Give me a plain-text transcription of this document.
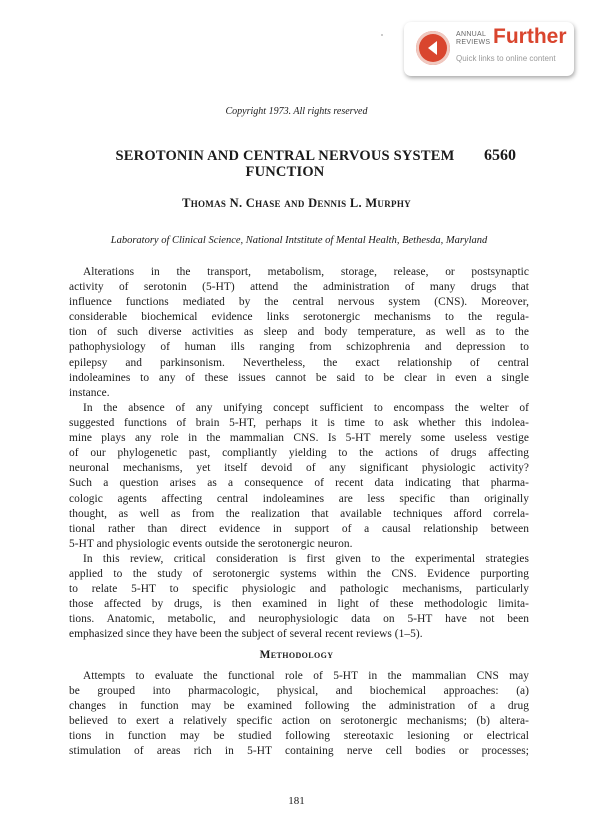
ANNUAL
REVIEWS Further
Quick links to online content
Copyright 1973. All rights reserved
SEROTONIN AND CENTRAL NERVOUS SYSTEM
FUNCTION
6560
Thomas N. Chase and Dennis L. Murphy
Laboratory of Clinical Science, National Intstitute of Mental Health, Bethesda, Maryland
Alterations in the transport, metabolism, storage, release, or postsynaptic
activity of serotonin (5-HT) attend the administration of many drugs that
influence functions mediated by the central nervous system (CNS). Moreover,
considerable biochemical evidence links serotonergic mechanisms to the regula-
tion of such diverse activities as sleep and body temperature, as well as to the
pathophysiology of human ills ranging from schizophrenia and depression to
epilepsy and parkinsonism. Nevertheless, the exact relationship of central
indoleamines to any of these issues cannot be said to be clear in even a single
instance.
In the absence of any unifying concept sufficient to encompass the welter of
suggested functions of brain 5-HT, perhaps it is time to ask whether this indolea-
mine plays any role in the mammalian CNS. Is 5-HT merely some useless vestige
of our phylogenetic past, compliantly yielding to the actions of drugs affecting
neuronal mechanisms, yet itself devoid of any significant physiologic activity?
Such a question arises as a consequence of recent data indicating that pharma-
cologic agents affecting central indoleamines are less specific than originally
thought, as well as from the realization that available techniques afford correla-
tional rather than direct evidence in support of a causal relationship between
5-HT and physiologic events outside the serotonergic neuron.
In this review, critical consideration is first given to the experimental strategies
applied to the study of serotonergic systems within the CNS. Evidence purporting
to relate 5-HT to specific physiologic and pathologic mechanisms, particularly
those affected by drugs, is then examined in light of these methodologic limita-
tions. Anatomic, metabolic, and neurophysiologic data on 5-HT have not been
emphasized since they have been the subject of several recent reviews (1–5).
Methodology
Attempts to evaluate the functional role of 5-HT in the mammalian CNS may
be grouped into pharmacologic, physical, and biochemical approaches: (a)
changes in function may be examined following the administration of a drug
believed to exert a relatively specific action on serotonergic mechanisms; (b) altera-
tions in function may be studied following stereotaxic lesioning or electrical
stimulation of areas rich in 5-HT containing nerve cell bodies or processes;
181
